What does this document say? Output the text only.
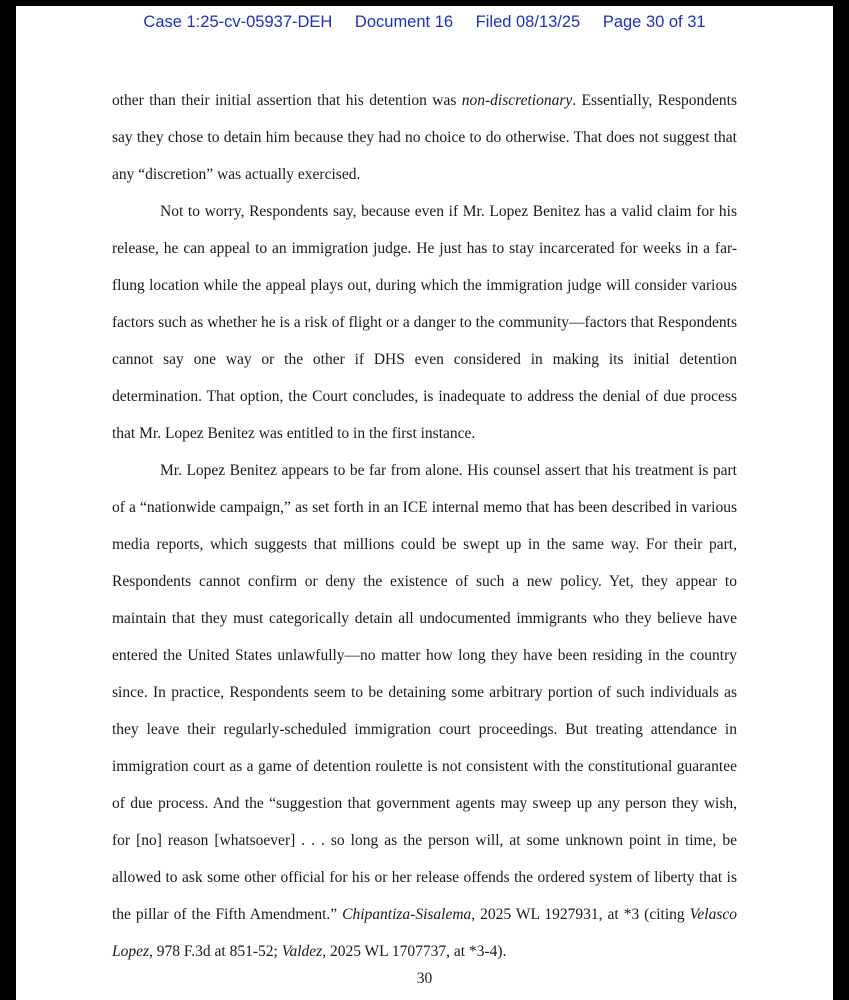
Case 1:25-cv-05937-DEH Document 16 Filed 08/13/25 Page 30 of 31

other than their initial assertion that his detention was non-discretionary. Essentially, Respondents say they chose to detain him because they had no choice to do otherwise. That does not suggest that any “discretion” was actually exercised.

Not to worry, Respondents say, because even if Mr. Lopez Benitez has a valid claim for his release, he can appeal to an immigration judge. He just has to stay incarcerated for weeks in a far-flung location while the appeal plays out, during which the immigration judge will consider various factors such as whether he is a risk of flight or a danger to the community—factors that Respondents cannot say one way or the other if DHS even considered in making its initial detention determination. That option, the Court concludes, is inadequate to address the denial of due process that Mr. Lopez Benitez was entitled to in the first instance.

Mr. Lopez Benitez appears to be far from alone. His counsel assert that his treatment is part of a “nationwide campaign,” as set forth in an ICE internal memo that has been described in various media reports, which suggests that millions could be swept up in the same way. For their part, Respondents cannot confirm or deny the existence of such a new policy. Yet, they appear to maintain that they must categorically detain all undocumented immigrants who they believe have entered the United States unlawfully—no matter how long they have been residing in the country since. In practice, Respondents seem to be detaining some arbitrary portion of such individuals as they leave their regularly-scheduled immigration court proceedings. But treating attendance in immigration court as a game of detention roulette is not consistent with the constitutional guarantee of due process. And the “suggestion that government agents may sweep up any person they wish, for [no] reason [whatsoever] . . . so long as the person will, at some unknown point in time, be allowed to ask some other official for his or her release offends the ordered system of liberty that is the pillar of the Fifth Amendment.” Chipantiza-Sisalema, 2025 WL 1927931, at *3 (citing Velasco Lopez, 978 F.3d at 851-52; Valdez, 2025 WL 1707737, at *3-4).

30
